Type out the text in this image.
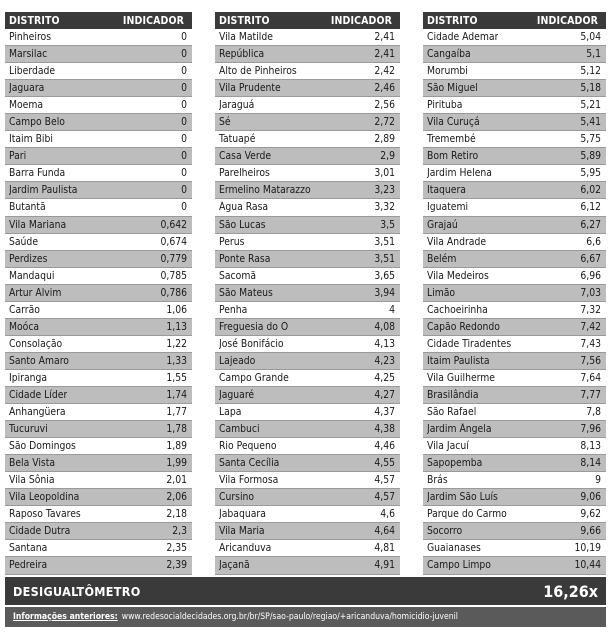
DISTRITO	INDICADOR
Pinheiros	0
Marsilac	0
Liberdade	0
Jaguara	0
Moema	0
Campo Belo	0
Itaim Bibi	0
Pari	0
Barra Funda	0
Jardim Paulista	0
Butantã	0
Vila Mariana	0,642
Saúde	0,674
Perdizes	0,779
Mandaqui	0,785
Artur Alvim	0,786
Carrão	1,06
Moóca	1,13
Consolação	1,22
Santo Amaro	1,33
Ipiranga	1,55
Cidade Líder	1,74
Anhangüera	1,77
Tucuruvi	1,78
São Domingos	1,89
Bela Vista	1,99
Vila Sônia	2,01
Vila Leopoldina	2,06
Raposo Tavares	2,18
Cidade Dutra	2,3
Santana	2,35
Pedreira	2,39
DISTRITO	INDICADOR
Vila Matilde	2,41
República	2,41
Alto de Pinheiros	2,42
Vila Prudente	2,46
Jaraguá	2,56
Sé	2,72
Tatuapé	2,89
Casa Verde	2,9
Parelheiros	3,01
Ermelino Matarazzo	3,23
Água Rasa	3,32
São Lucas	3,5
Perus	3,51
Ponte Rasa	3,51
Sacomã	3,65
São Mateus	3,94
Penha	4
Freguesia do Ó	4,08
José Bonifácio	4,13
Lajeado	4,23
Campo Grande	4,25
Jaguaré	4,27
Lapa	4,37
Cambuci	4,38
Rio Pequeno	4,46
Santa Cecília	4,55
Vila Formosa	4,57
Cursino	4,57
Jabaquara	4,6
Vila Maria	4,64
Aricanduva	4,81
Jaçanã	4,91
DISTRITO	INDICADOR
Cidade Ademar	5,04
Cangaíba	5,1
Morumbi	5,12
São Miguel	5,18
Pirituba	5,21
Vila Curuçá	5,41
Tremembé	5,75
Bom Retiro	5,89
Jardim Helena	5,95
Itaquera	6,02
Iguatemi	6,12
Grajaú	6,27
Vila Andrade	6,6
Belém	6,67
Vila Medeiros	6,96
Limão	7,03
Cachoeirinha	7,32
Capão Redondo	7,42
Cidade Tiradentes	7,43
Itaim Paulista	7,56
Vila Guilherme	7,64
Brasilândia	7,77
São Rafael	7,8
Jardim Ângela	7,96
Vila Jacuí	8,13
Sapopemba	8,14
Brás	9
Jardim São Luís	9,06
Parque do Carmo	9,62
Socorro	9,66
Guaianases	10,19
Campo Limpo	10,44
DESIGUALTÔMETRO	16,26x
Informações anteriores: www.redesocialdecidades.org.br/br/SP/sao-paulo/regiao/+aricanduva/homicidio-juvenil
